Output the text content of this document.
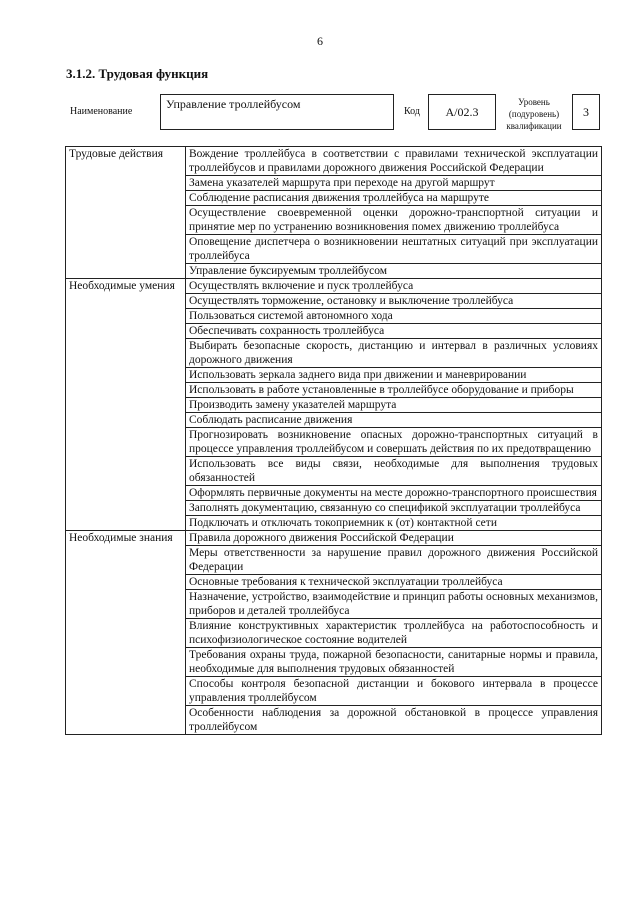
6
3.1.2. Трудовая функция
Наименование
Управление троллейбусом
Код	A/02.3
Уровень (подуровень) квалификации
3
Трудовые действия	Вождение троллейбуса в соответствии с правилами технической эксплуатации троллейбусов и правилами дорожного движения Российской Федерации
	Замена указателей маршрута при переходе на другой маршрут
	Соблюдение расписания движения троллейбуса на маршруте
	Осуществление своевременной оценки дорожно-транспортной ситуации и принятие мер по устранению возникновения помех движению троллейбуса
	Оповещение диспетчера о возникновении нештатных ситуаций при эксплуатации троллейбуса
	Управление буксируемым троллейбусом
Необходимые умения	Осуществлять включение и пуск троллейбуса
	Осуществлять торможение, остановку и выключение троллейбуса
	Пользоваться системой автономного хода
	Обеспечивать сохранность троллейбуса
	Выбирать безопасные скорость, дистанцию и интервал в различных условиях дорожного движения
	Использовать зеркала заднего вида при движении и маневрировании
	Использовать в работе установленные в троллейбусе оборудование и приборы
	Производить замену указателей маршрута
	Соблюдать расписание движения
	Прогнозировать возникновение опасных дорожно-транспортных ситуаций в процессе управления троллейбусом и совершать действия по их предотвращению
	Использовать все виды связи, необходимые для выполнения трудовых обязанностей
	Оформлять первичные документы на месте дорожно-транспортного происшествия
	Заполнять документацию, связанную со спецификой эксплуатации троллейбуса
	Подключать и отключать токоприемник к (от) контактной сети
Необходимые знания	Правила дорожного движения Российской Федерации
	Меры ответственности за нарушение правил дорожного движения Российской Федерации
	Основные требования к технической эксплуатации троллейбуса
	Назначение, устройство, взаимодействие и принцип работы основных механизмов, приборов и деталей троллейбуса
	Влияние конструктивных характеристик троллейбуса на работоспособность и психофизиологическое состояние водителей
	Требования охраны труда, пожарной безопасности, санитарные нормы и правила, необходимые для выполнения трудовых обязанностей
	Способы контроля безопасной дистанции и бокового интервала в процессе управления троллейбусом
	Особенности наблюдения за дорожной обстановкой в процессе управления троллейбусом
